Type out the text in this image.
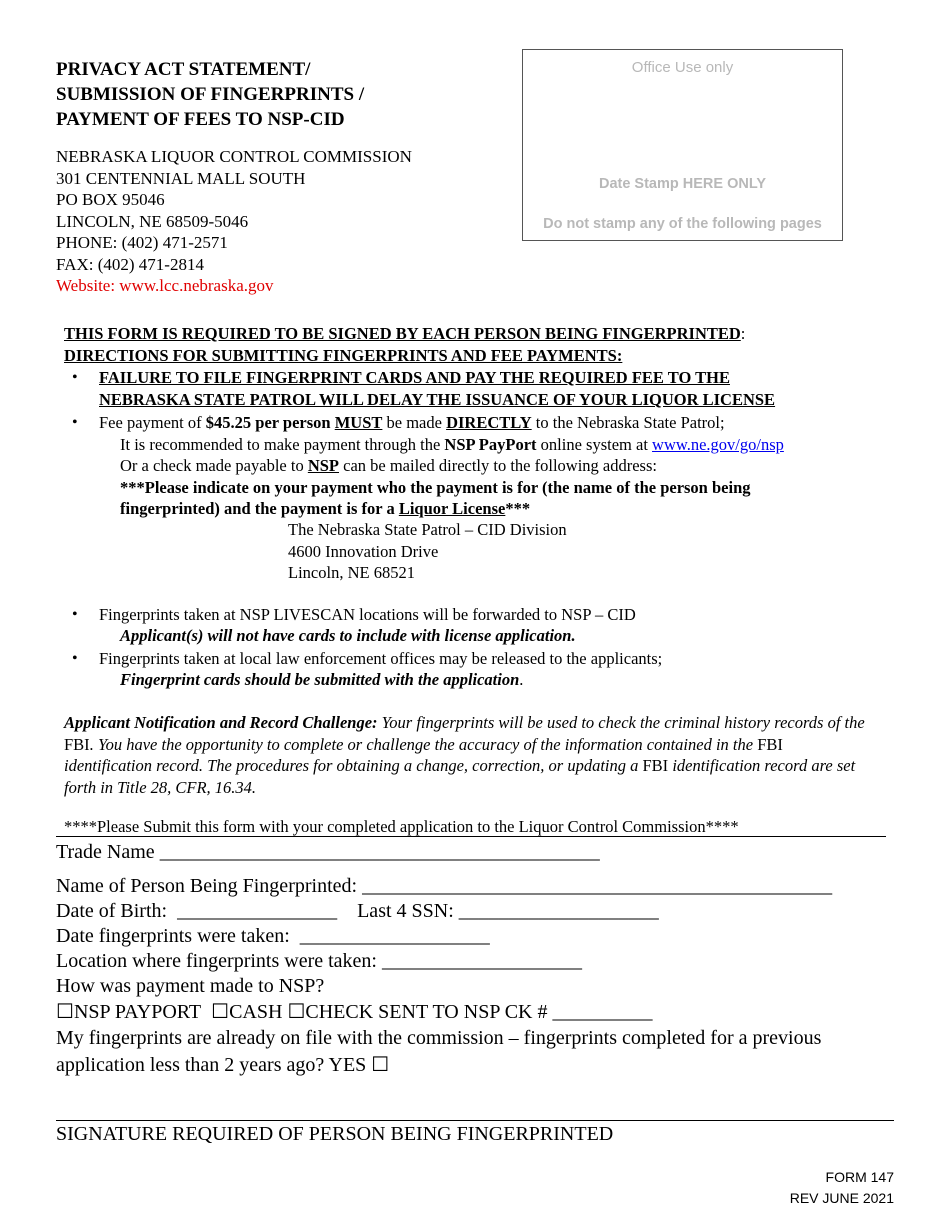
PRIVACY ACT STATEMENT/
SUBMISSION OF FINGERPRINTS /
PAYMENT OF FEES TO NSP-CID
NEBRASKA LIQUOR CONTROL COMMISSION
301 CENTENNIAL MALL SOUTH
PO BOX 95046
LINCOLN, NE 68509-5046
PHONE: (402) 471-2571
FAX: (402) 471-2814
Website: www.lcc.nebraska.gov
Office Use only
Date Stamp HERE ONLY
Do not stamp any of the following pages
THIS FORM IS REQUIRED TO BE SIGNED BY EACH PERSON BEING FINGERPRINTED:
DIRECTIONS FOR SUBMITTING FINGERPRINTS AND FEE PAYMENTS:
• FAILURE TO FILE FINGERPRINT CARDS AND PAY THE REQUIRED FEE TO THE
NEBRASKA STATE PATROL WILL DELAY THE ISSUANCE OF YOUR LIQUOR LICENSE
• Fee payment of $45.25 per person MUST be made DIRECTLY to the Nebraska State Patrol;
It is recommended to make payment through the NSP PayPort online system at www.ne.gov/go/nsp
Or a check made payable to NSP can be mailed directly to the following address:
***Please indicate on your payment who the payment is for (the name of the person being
fingerprinted) and the payment is for a Liquor License***
The Nebraska State Patrol – CID Division
4600 Innovation Drive
Lincoln, NE 68521
• Fingerprints taken at NSP LIVESCAN locations will be forwarded to NSP – CID
Applicant(s) will not have cards to include with license application.
• Fingerprints taken at local law enforcement offices may be released to the applicants;
Fingerprint cards should be submitted with the application.
Applicant Notification and Record Challenge: Your fingerprints will be used to check the criminal history records of the FBI. You have the opportunity to complete or challenge the accuracy of the information contained in the FBI identification record. The procedures for obtaining a change, correction, or updating a FBI identification record are set forth in Title 28, CFR, 16.34.
****Please Submit this form with your completed application to the Liquor Control Commission****
Trade Name ____________________________________________
Name of Person Being Fingerprinted: _______________________________________________
Date of Birth: ________________ Last 4 SSN: ____________________
Date fingerprints were taken: ___________________
Location where fingerprints were taken: ____________________
How was payment made to NSP?
☐NSP PAYPORT ☐CASH ☐CHECK SENT TO NSP CK # __________
My fingerprints are already on file with the commission – fingerprints completed for a previous
application less than 2 years ago? YES ☐
SIGNATURE REQUIRED OF PERSON BEING FINGERPRINTED
FORM 147
REV JUNE 2021
